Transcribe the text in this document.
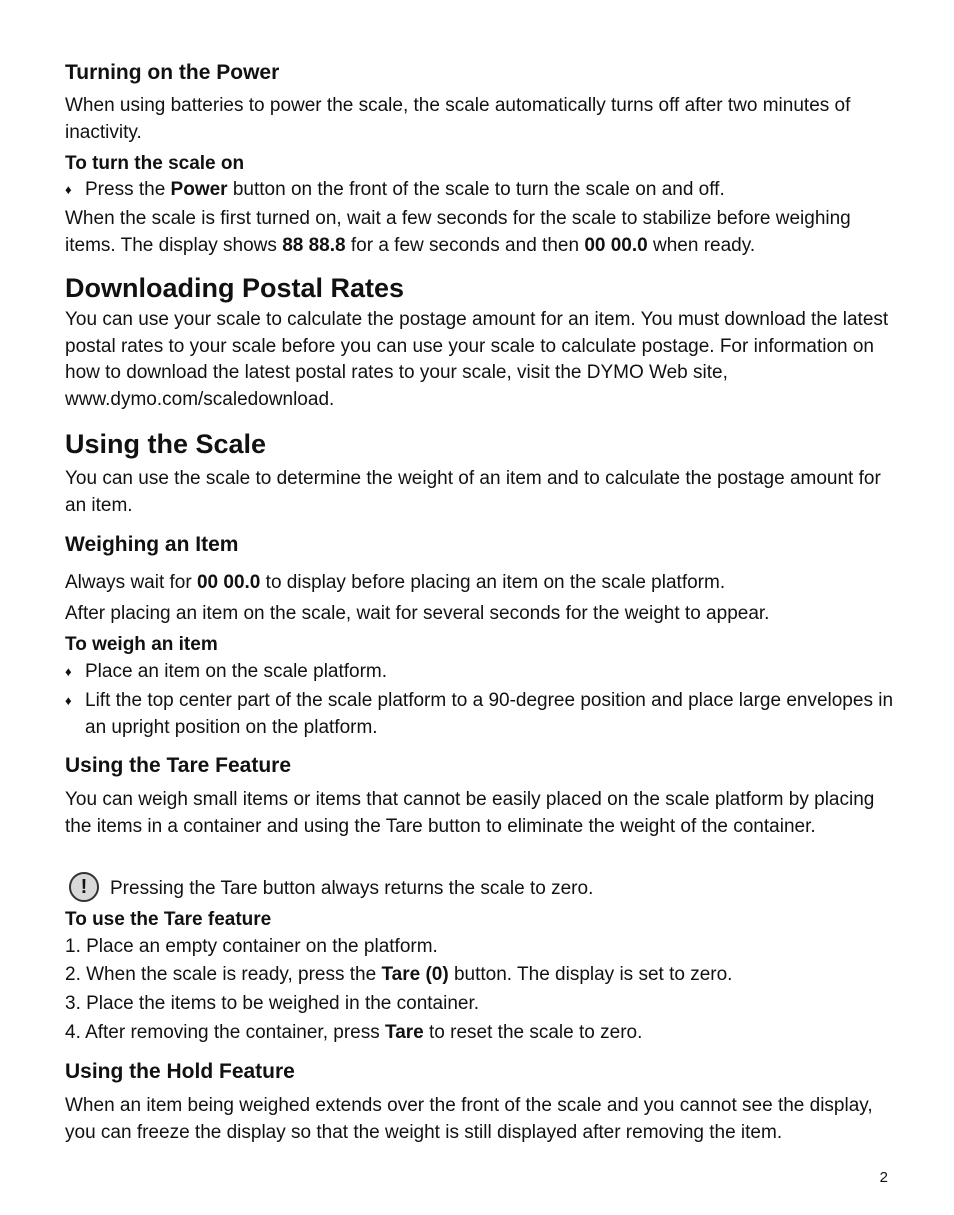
Turning on the Power

When using batteries to power the scale, the scale automatically turns off after two minutes of inactivity.

To turn the scale on
♦ Press the Power button on the front of the scale to turn the scale on and off.

When the scale is first turned on, wait a few seconds for the scale to stabilize before weighing items. The display shows 88 88.8 for a few seconds and then 00 00.0 when ready.

Downloading Postal Rates

You can use your scale to calculate the postage amount for an item. You must download the latest postal rates to your scale before you can use your scale to calculate postage. For information on how to download the latest postal rates to your scale, visit the DYMO Web site, www.dymo.com/scaledownload.

Using the Scale

You can use the scale to determine the weight of an item and to calculate the postage amount for an item.

Weighing an Item

Always wait for 00 00.0 to display before placing an item on the scale platform.

After placing an item on the scale, wait for several seconds for the weight to appear.

To weigh an item
♦ Place an item on the scale platform.
♦ Lift the top center part of the scale platform to a 90-degree position and place large envelopes in an upright position on the platform.
Using the Tare Feature

You can weigh small items or items that cannot be easily placed on the scale platform by placing the items in a container and using the Tare button to eliminate the weight of the container.

!	Pressing the Tare button always returns the scale to zero.
To use the Tare feature
1. Place an empty container on the platform.
2. When the scale is ready, press the Tare (0) button. The display is set to zero.
3. Place the items to be weighed in the container.
4. After removing the container, press Tare to reset the scale to zero.
Using the Hold Feature

When an item being weighed extends over the front of the scale and you cannot see the display, you can freeze the display so that the weight is still displayed after removing the item.

2
